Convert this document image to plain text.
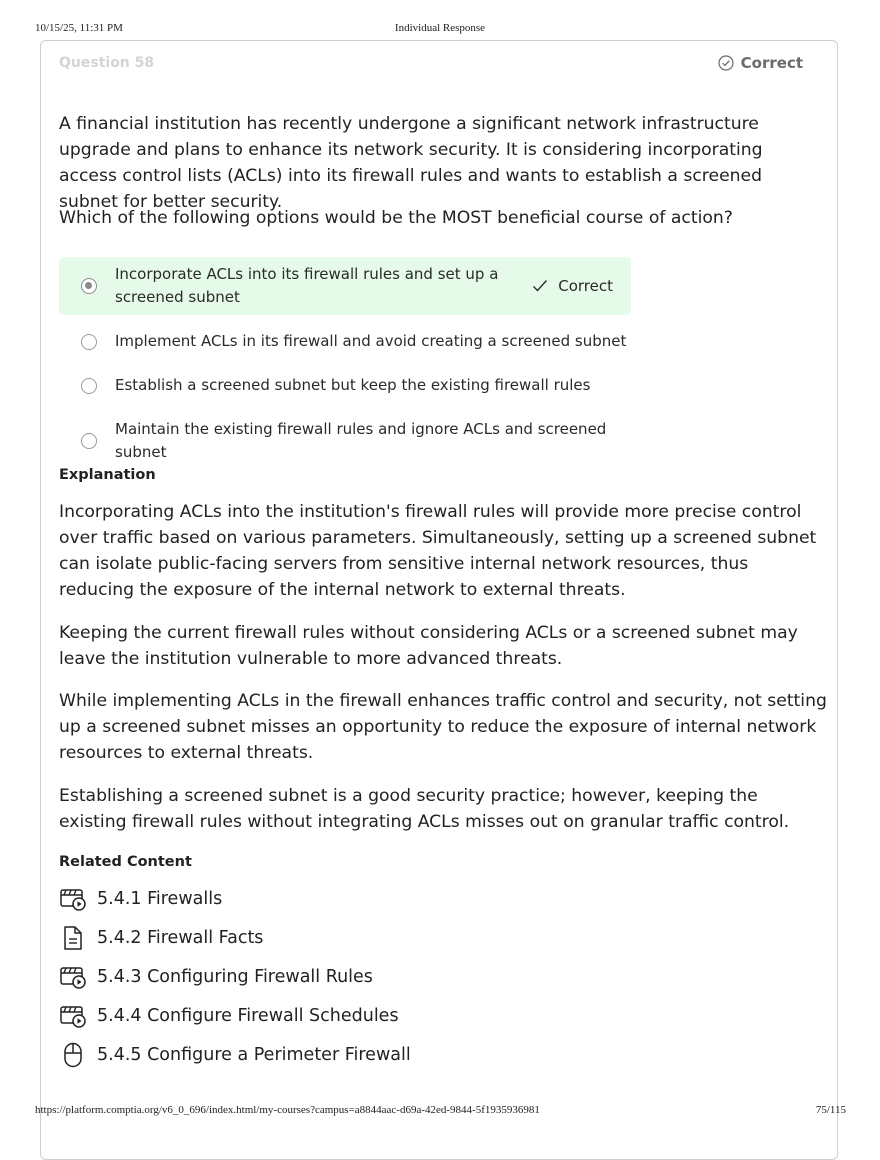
10/15/25, 11:31 PM	Individual Response
Question 58	Correct

A financial institution has recently undergone a significant network infrastructure upgrade and plans to enhance its network security. It is considering incorporating access control lists (ACLs) into its firewall rules and wants to establish a screened subnet for better security.

Which of the following options would be the MOST beneficial course of action?

Incorporate ACLs into its firewall rules and set up a screened subnet
Correct
Implement ACLs in its firewall and avoid creating a screened subnet
Establish a screened subnet but keep the existing firewall rules
Maintain the existing firewall rules and ignore ACLs and screened subnet
Explanation

Incorporating ACLs into the institution's firewall rules will provide more precise control over traffic based on various parameters. Simultaneously, setting up a screened subnet can isolate public-facing servers from sensitive internal network resources, thus reducing the exposure of the internal network to external threats.

Keeping the current firewall rules without considering ACLs or a screened subnet may leave the institution vulnerable to more advanced threats.

While implementing ACLs in the firewall enhances traffic control and security, not setting up a screened subnet misses an opportunity to reduce the exposure of internal network resources to external threats.

Establishing a screened subnet is a good security practice; however, keeping the existing firewall rules without integrating ACLs misses out on granular traffic control.

Related Content
5.4.1 Firewalls
5.4.2 Firewall Facts
5.4.3 Configuring Firewall Rules
5.4.4 Configure Firewall Schedules
5.4.5 Configure a Perimeter Firewall
https://platform.comptia.org/v6_0_696/index.html/my-courses?campus=a8844aac-d69a-42ed-9844-5f1935936981	75/115
